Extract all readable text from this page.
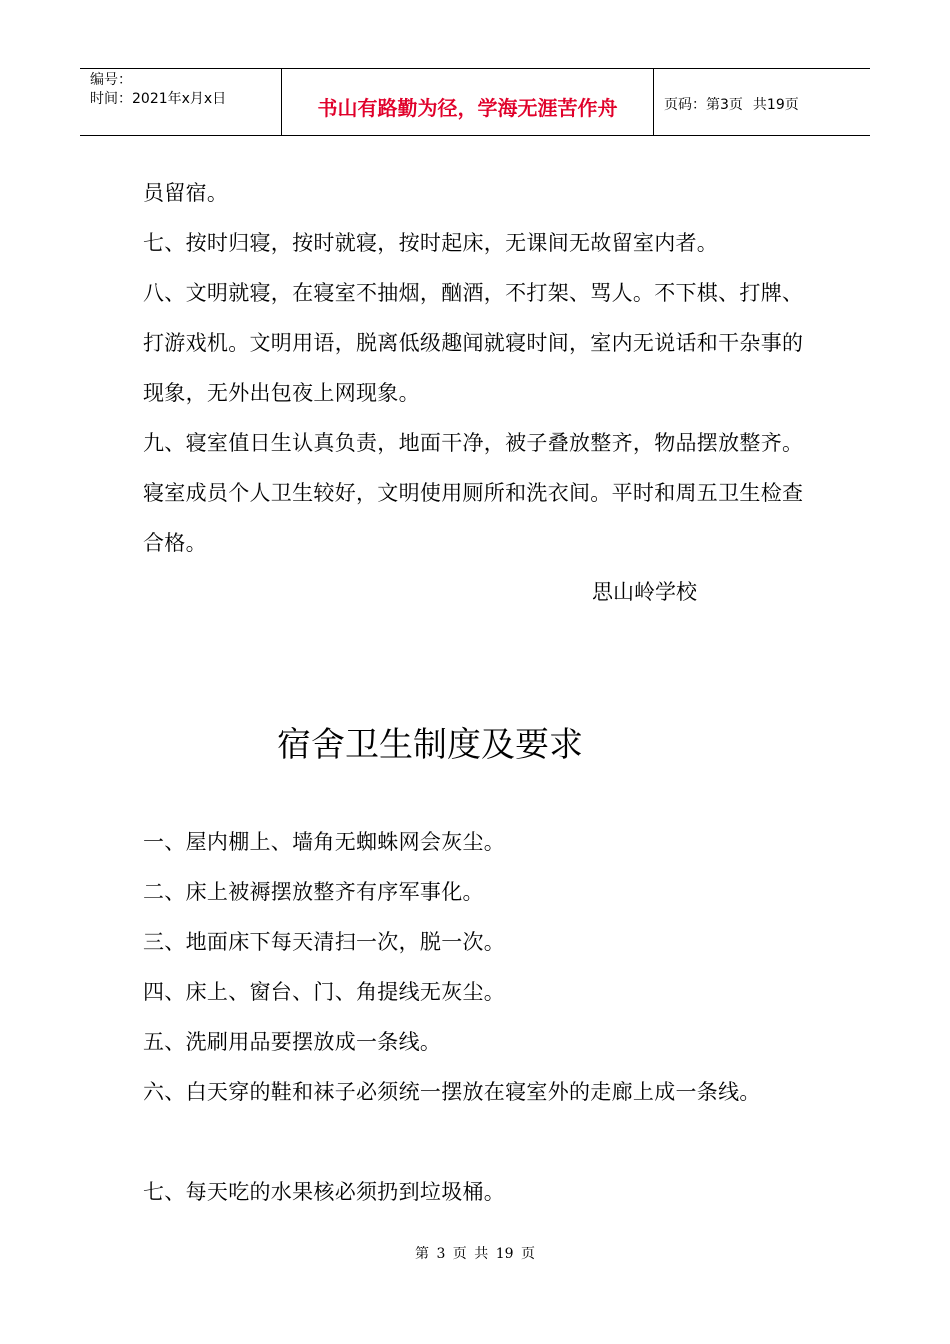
编号：
时间：2021年x月x日	书山有路勤为径，学海无涯苦作舟	页码：第3页 共19页

员留宿。

七、按时归寝，按时就寝，按时起床，无课间无故留室内者。

八、文明就寝，在寝室不抽烟，酗酒，不打架、骂人。不下棋、打牌、打游戏机。文明用语，脱离低级趣闻就寝时间，室内无说话和干杂事的现象，无外出包夜上网现象。

九、寝室值日生认真负责，地面干净，被子叠放整齐，物品摆放整齐。寝室成员个人卫生较好，文明使用厕所和洗衣间。平时和周五卫生检查合格。

思山岭学校
宿舍卫生制度及要求

一、屋内棚上、墙角无蜘蛛网会灰尘。

二、床上被褥摆放整齐有序军事化。

三、地面床下每天清扫一次，脱一次。

四、床上、窗台、门、角提线无灰尘。

五、洗刷用品要摆放成一条线。

六、白天穿的鞋和袜子必须统一摆放在寝室外的走廊上成一条线。

七、每天吃的水果核必须扔到垃圾桶。

第 3 页 共 19 页
